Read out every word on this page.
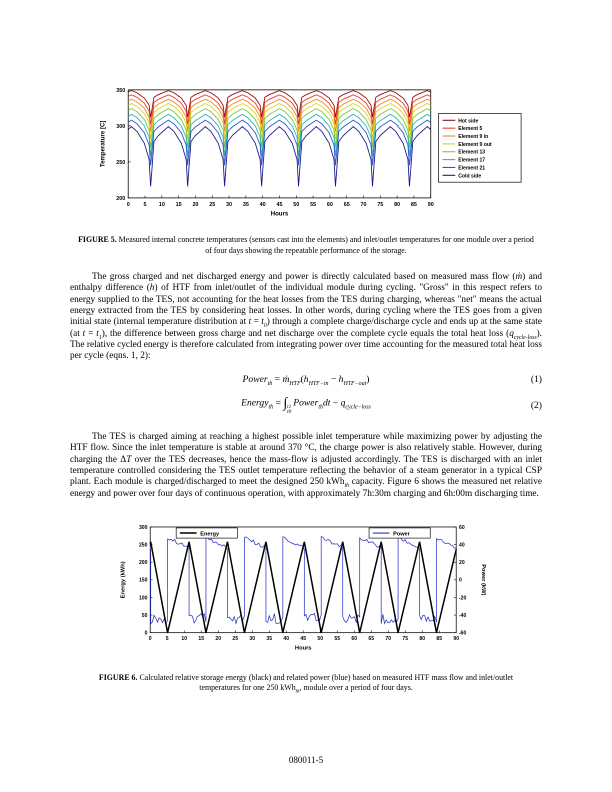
0	5 10 15 20 25 30 35 40 45 50 55 60 65 70 75 80 85 90
200
250
300
350
Hours
Temperature [C]	Hot side
Element 5
Element 9 in
Element 9 out
Element 13
Element 17
Element 21
Cold side
FIGURE 5. Measured internal concrete temperatures (sensors cast into the elements) and inlet/outlet temperatures for one module over a period of four days showing the repeatable performance of the storage.

The gross charged and net discharged energy and power is directly calculated based on measured mass flow (ṁ) and enthalpy difference (h) of HTF from inlet/outlet of the individual module during cycling. "Gross" in this respect refers to energy supplied to the TES, not accounting for the heat losses from the TES during charging, whereas "net" means the actual energy extracted from the TES by considering heat losses. In other words, during cycling where the TES goes from a given initial state (internal temperature distribution at $t = t_0$) through a complete charge/discharge cycle and ends up at the same state (at $t = t_1$), the difference between gross charge and net discharge over the complete cycle equals the total heat loss $(q_{cycle-loss})$. The relative cycled energy is therefore calculated from integrating power over time accounting for the measured total heat loss per cycle (eqns. 1, 2):

Power$_{th}$ = $ṁ_{HTF}(h_{HTF-in} - h_{HTF-out})$	(1)
Energy$_{th}$ = ∫ t1
t0
Power$_{th}$dt − $q_{cycle-loss}$	(2)

The TES is charged aiming at reaching a highest possible inlet temperature while maximizing power by adjusting the HTF flow. Since the inlet temperature is stable at around 370 °C, the charge power is also relatively stable. However, during charging the ΔT over the TES decreases, hence the mass-flow is adjusted accordingly. The TES is discharged with an inlet temperature controlled considering the TES outlet temperature reflecting the behavior of a steam generator in a typical CSP plant. Each module is charged/discharged to meet the designed 250 kWh$_{th}$ capacity. Figure 6 shows the measured net relative energy and power over four days of continuous operation, with approximately 7h:30m charging and 6h:00m discharging time.

0	5 10 15 20 25 30 35 40 45 50 55 60 65 70 75 80 85 90
0
50
100
150
200
250
300
-60
-40
-20
0
20
40
60
Hours
Energy (kWh)	Power (kW)
Energy	Power
FIGURE 6. Calculated relative storage energy (black) and related power (blue) based on measured HTF mass flow and inlet/outlet temperatures for one 250 kWh$_{th}$, module over a period of four days.
080011-5
